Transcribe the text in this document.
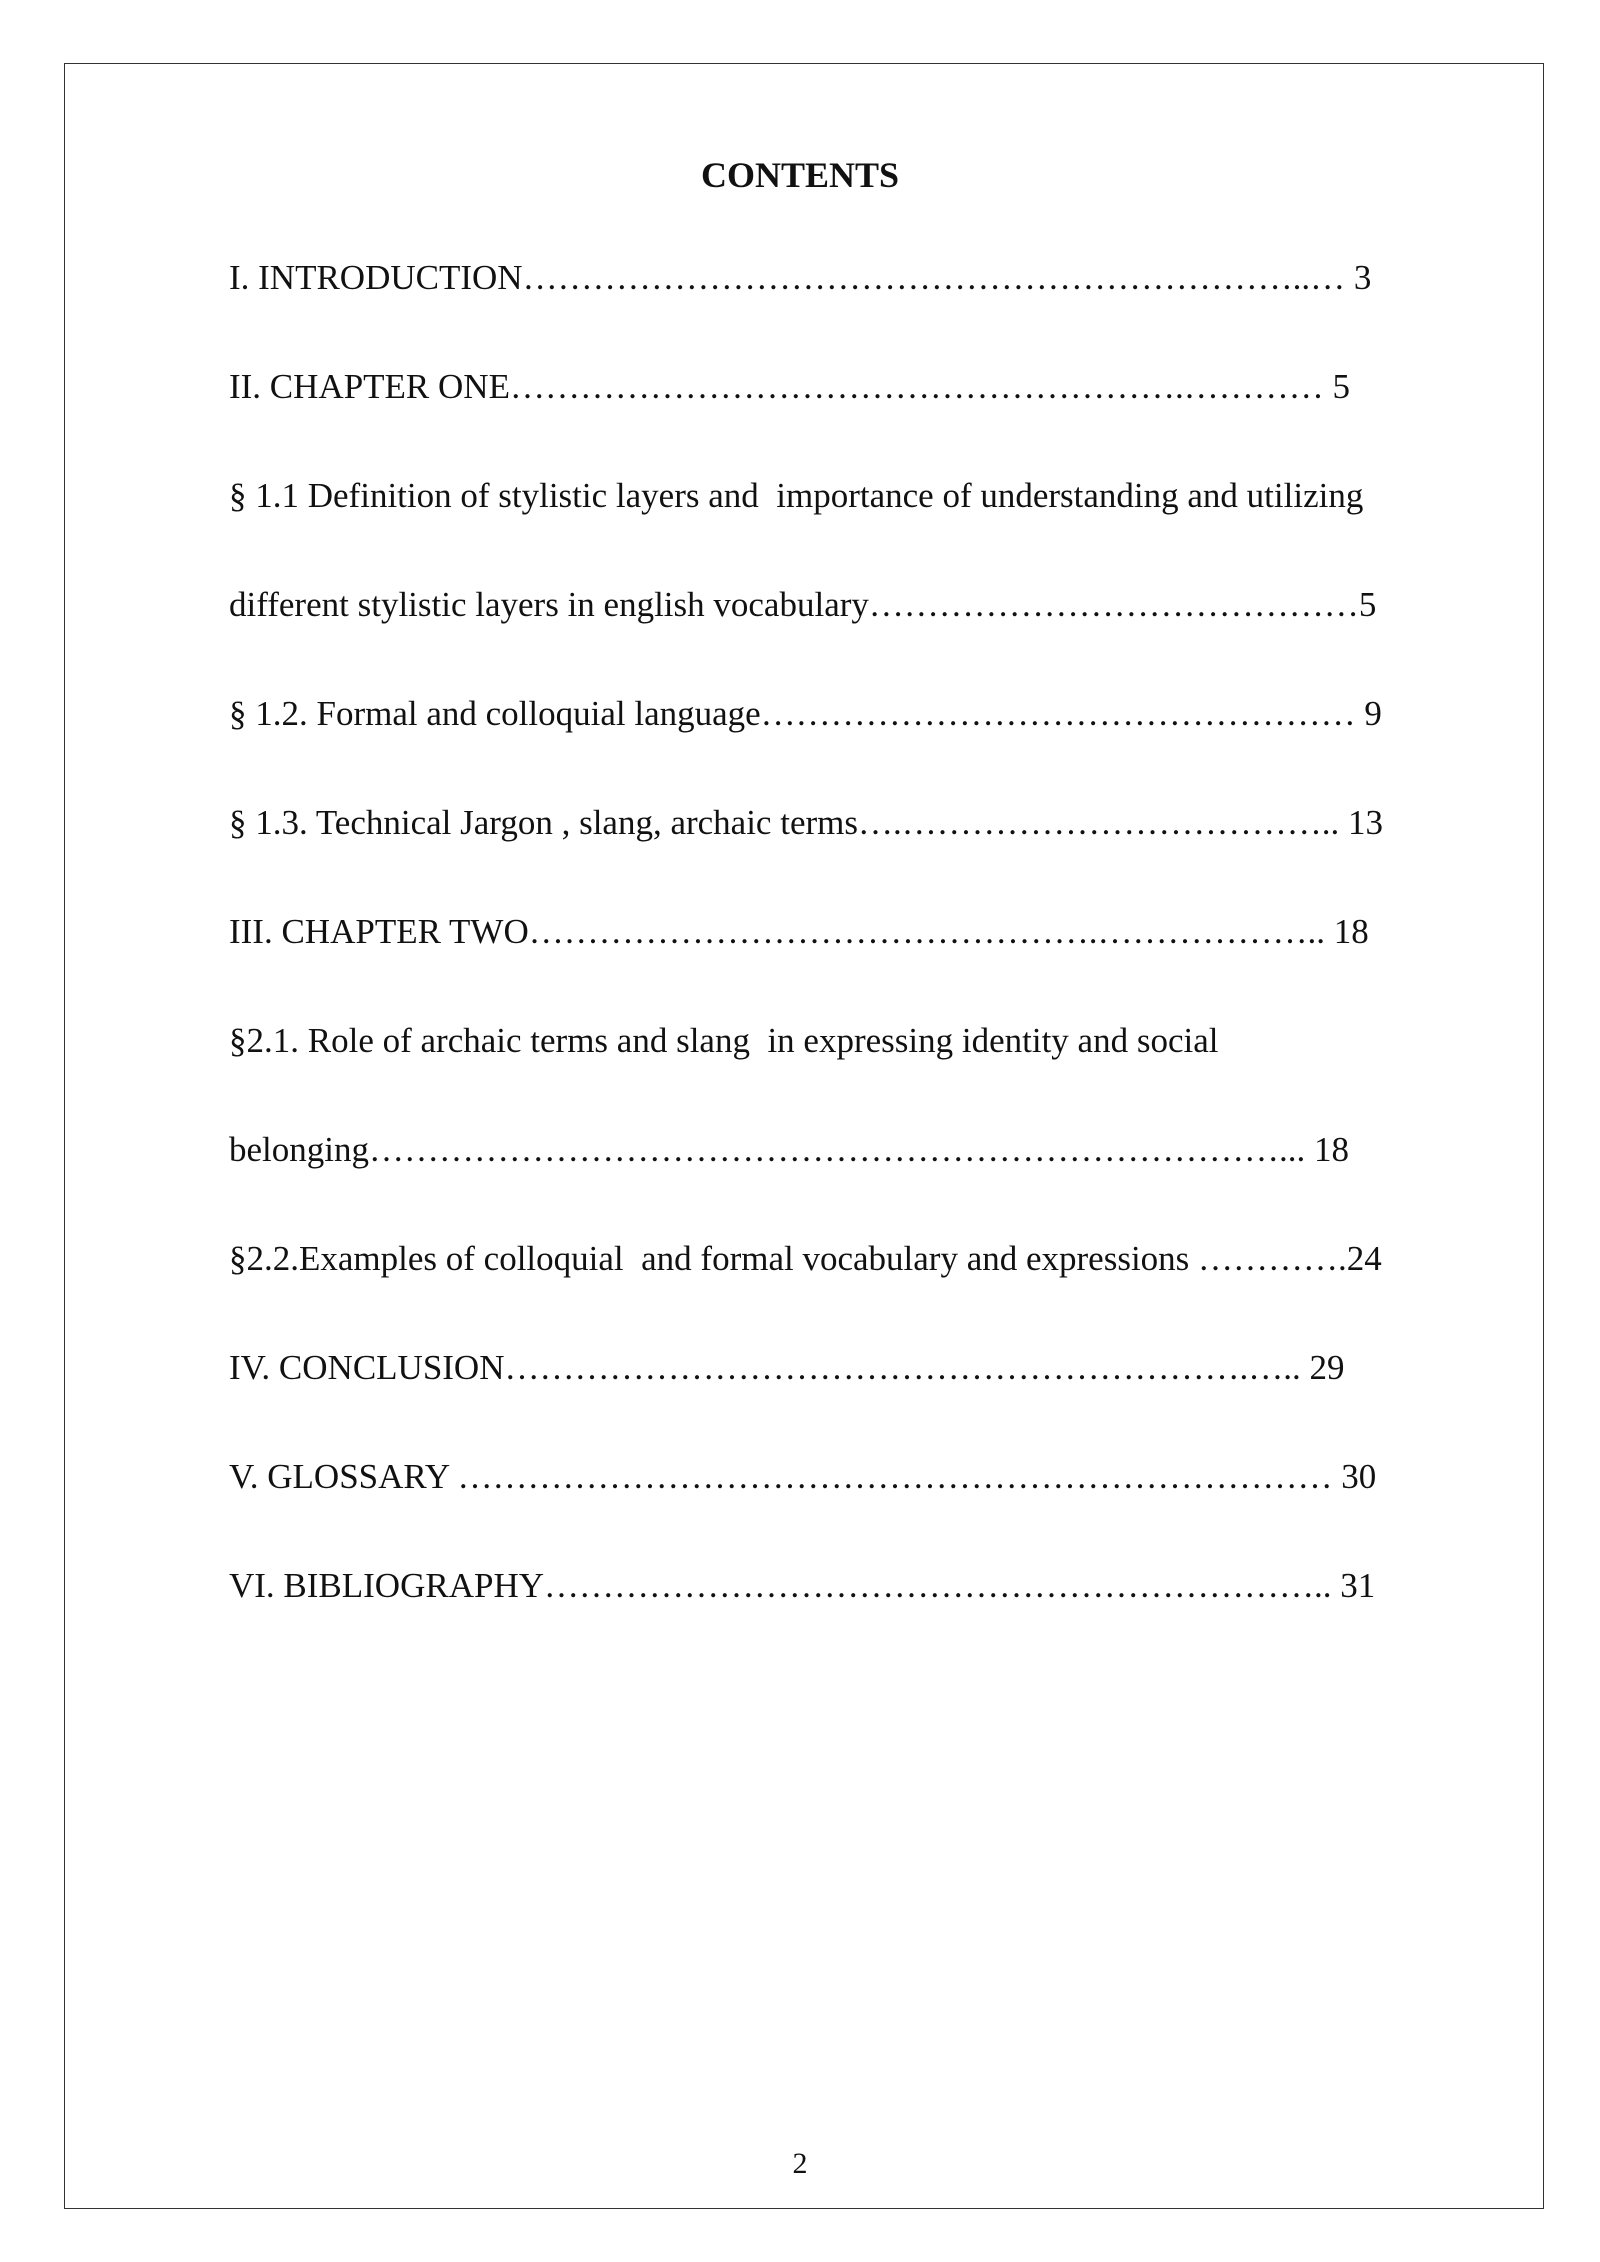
CONTENTS
I. INTRODUCTION…………………………………………………………..… 3
II. CHAPTER ONE………………………………………………….………… 5
§ 1.1 Definition of stylistic layers and  importance of understanding and utilizing
different stylistic layers in english vocabulary……………………………………5
§ 1.2. Formal and colloquial language…………………………………………… 9
§ 1.3. Technical Jargon , slang, archaic terms….……………………………….. 13
III. CHAPTER TWO………………………………………….……………….. 18
§2.1. Role of archaic terms and slang  in expressing identity and social
belonging……………………………………………………………………... 18
§2.2.Examples of colloquial  and formal vocabulary and expressions ………….24
IV. CONCLUSION……………………………………………………….….. 29
V. GLOSSARY ………………………………………………………………… 30
VI. BIBLIOGRAPHY………………………………………………………….. 31
2
